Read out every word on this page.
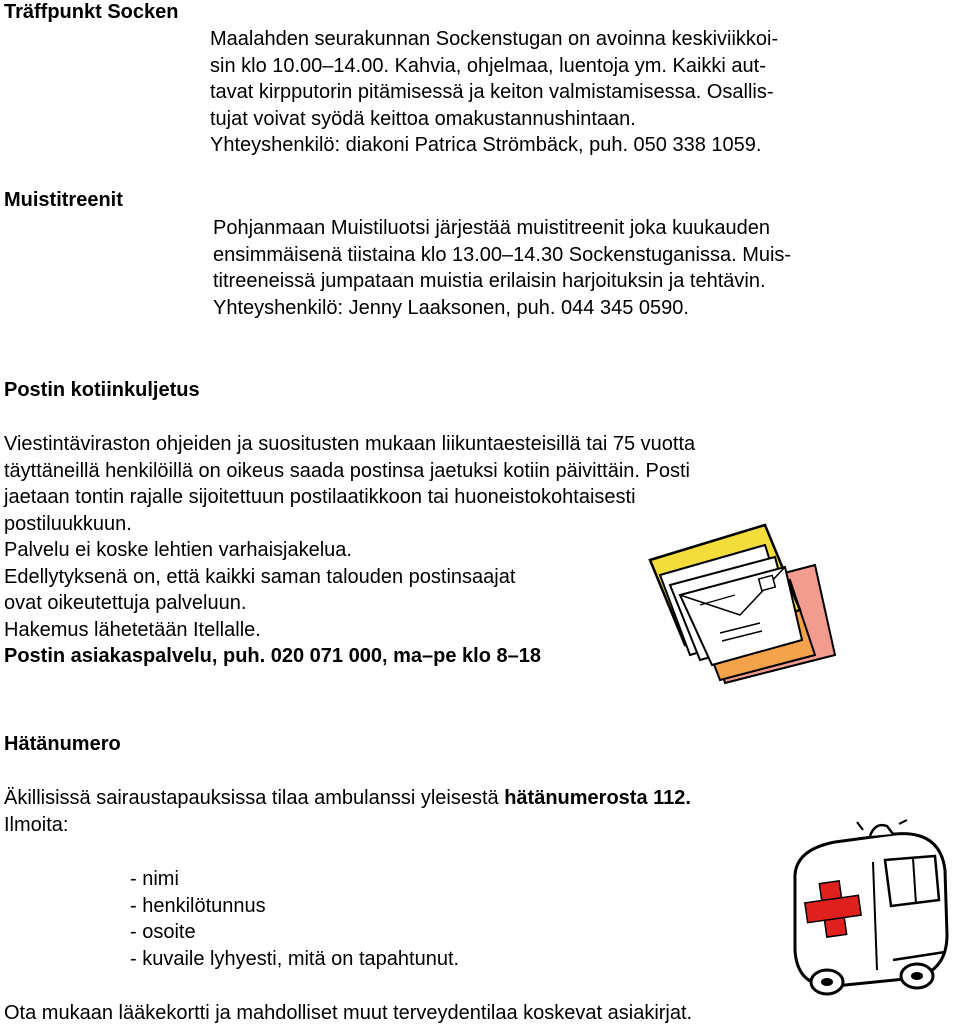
Träffpunkt Socken
Maalahden seurakunnan Sockenstugan on avoinna keskiviikkoi-
sin klo 10.00–14.00. Kahvia, ohjelmaa, luentoja ym. Kaikki aut-
tavat kirpputorin pitämisessä ja keiton valmistamisessa. Osallis-
tujat voivat syödä keittoa omakustannushintaan.
Yhteyshenkilö: diakoni Patrica Strömbäck, puh. 050 338 1059.
Muistitreenit
Pohjanmaan Muistiluotsi järjestää muistitreenit joka kuukauden
ensimmäisenä tiistaina klo 13.00–14.30 Sockenstuganissa. Muis-
titreeneissä jumpataan muistia erilaisin harjoituksin ja tehtävin.
Yhteyshenkilö: Jenny Laaksonen, puh. 044 345 0590.
Postin kotiinkuljetus
Viestintäviraston ohjeiden ja suositusten mukaan liikuntaesteisillä tai 75 vuotta
täyttäneillä henkilöillä on oikeus saada postinsa jaetuksi kotiin päivittäin. Posti
jaetaan tontin rajalle sijoitettuun postilaatikkoon tai huoneistokohtaisesti
postiluukkuun.
Palvelu ei koske lehtien varhaisjakelua.
Edellytyksenä on, että kaikki saman talouden postinsaajat
ovat oikeutettuja palveluun.
Hakemus lähetetään Itellalle.
Postin asiakaspalvelu, puh. 020 071 000, ma–pe klo 8–18
Hätänumero
Äkillisissä sairaustapauksissa tilaa ambulanssi yleisestä hätänumerosta 112.
Ilmoita:
- nimi
- henkilötunnus
- osoite
- kuvaile lyhyesti, mitä on tapahtunut.
Ota mukaan lääkekortti ja mahdolliset muut terveydentilaa koskevat asiakirjat.
